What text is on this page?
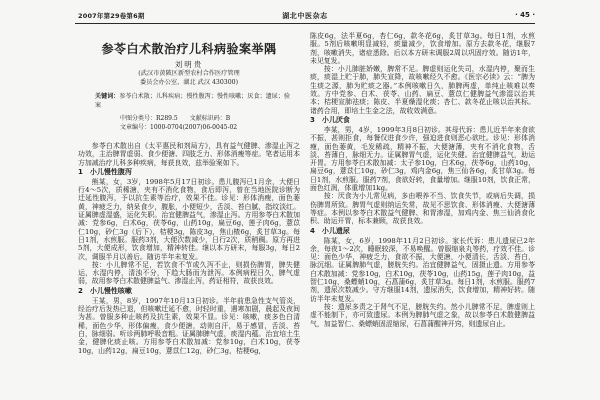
2007年第29卷第6期	湖北中医杂志	· 45 ·
参苓白术散治疗儿科病验案举隅
刘明贵
(武汉市黄陂区新型农村合作医疗管理
委员会办公室，湖北 武汉 430300)
关键词：参苓白术散；儿科疾病；慢性腹泻；慢性咳嗽；厌食；遗尿；验案
中图分类号：R289.5 文献标识码：B
文章编号：1000-0704(2007)06-0045-02

参苓白术散出自《太平惠民和剂局方》，具有益气健脾、渗湿止泻之功效，主治脾胃虚弱、食少便溏、四肢乏力、形体消瘦等症。笔者运用本方加减治疗儿科多种疾病，每获良效，兹举验案如下。

1　小儿慢性腹泻

熊某，女，3岁，1998年5月17日初诊。患儿腹泻已1月余，大便日行4～5次，质稀溏，夹有不消化食物，食后即泻，曾在当地医院诊断为迁延性腹泻，予以抗生素等治疗，效果不佳。诊见：形体消瘦，面色萎黄，神疲乏力，纳呆食少，腹胀，小便短少，舌淡、苔白腻，指纹淡红。证属脾虚湿盛，运化失职。治宜健脾益气，渗湿止泻。方用参苓白术散加减：党参6g，白术6g，茯苓6g，山药10g，扁豆6g，莲子肉6g，薏苡仁10g，砂仁3g（后下），桔梗3g，陈皮3g，焦山楂6g，炙甘草3g。每日1剂，水煎服。服药3剂，大便次数减少，日行2次，质稍稠。原方再进5剂，大便成形，饮食增加，精神转佳。继以本方研末，每服3g，每日2次，调服半月以善后。随访半年未复发。

按：小儿脾常不足，若饮食不节或久泻不止，则损伤脾胃，脾失健运，水湿内停，清浊不分，下趋大肠而为泄泻。本例病程日久，脾气虚弱，故用参苓白术散健脾益气、渗湿止泻，药证相符，故获良效。

2　小儿慢性咳嗽

王某，男，8岁，1997年10月13日初诊。半年前患急性支气管炎，经治疗后发热已退，但咳嗽迁延不愈，时轻时重，遇寒加剧，晨起及夜间为甚。曾服多种止咳药及抗生素，效果不显。诊见：咳嗽，痰多色白清稀，面色少华，形体偏瘦，食少便溏，动则自汗，易于感冒，舌淡、苔白，脉细弱。听诊两肺呼吸音粗。证属肺脾气虚，痰湿内蕴。治宜培土生金，健脾化痰止咳。方用参苓白术散加减：党参10g，白术10g，茯苓10g，山药12g，扁豆10g，薏苡仁12g，砂仁3g，桔梗6g，

陈皮6g，法半夏6g，杏仁6g，款冬花6g，炙甘草3g。每日1剂，水煎服。5剂后咳嗽明显减轻，痰量减少，饮食增加。原方去款冬花，继服7剂，咳嗽消失，诸症悉除。后以本方研末调服2周以巩固疗效。随访1年，未见复发。

按：小儿肺脏娇嫩，脾常不足。脾虚则运化失司，水湿内停，聚而生痰，痰湿上贮于肺，肺失宣降，故咳嗽经久不愈。《医宗必读》云：“脾为生痰之源，肺为贮痰之器。”本例咳嗽日久，肺脾两虚，单纯止咳难以奏效。方中党参、白术、茯苓、山药、扁豆、薏苡仁健脾益气渗湿以治其本；桔梗宣肺祛痰；陈皮、半夏燥湿化痰；杏仁、款冬花止咳以治其标。诸药合用，即培土生金之法，故收效满意。

3　小儿厌食

李某，男，4岁，1999年3月8日初诊。其母代诉：患儿近半年来食欲不振，甚则拒食，每餐仅进食少许，强迫进食则恶心欲吐。诊见：形体消瘦，面色萎黄，毛发稀疏，精神不振，大便溏薄，夹有不消化食物，舌淡、苔薄白，脉细无力。证属脾胃气虚，运化失健。治宜健脾益气，助运开胃。方用参苓白术散加减：太子参10g，白术6g，茯苓6g，山药10g，扁豆6g，薏苡仁10g，砂仁3g，鸡内金6g，焦三仙各6g，炙甘草3g。每日1剂，水煎服。服药7剂，食欲好转，食量增加。继服10剂，饮食正常，面色红润，体重增加1kg。

按：厌食为小儿常见病，多由喂养不当、饮食失节，或病后失调，损伤脾胃所致。脾胃气虚则纳运失常，故见不思饮食、形体消瘦、大便溏薄等症。本例以参苓白术散益气健脾、和胃渗湿，加鸡内金、焦三仙消食化积、助运开胃，标本兼顾，故获良效。

4　小儿遗尿

陈某，女，6岁，1998年11月2日初诊。家长代诉：患儿遗尿已2年余，每夜1～2次，睡眠较深，不易唤醒。曾服缩泉丸等药，疗效不佳。诊见：面色少华，神疲乏力，食欲不振，大便溏，小便清长，舌淡、苔白，脉沉细。证属脾肺气虚，膀胱失约。治宜健脾益气，固摄止遗。方用参苓白术散加减：党参10g，白术10g，茯苓10g，山药15g，莲子肉10g，益智仁10g，桑螵蛸10g，石菖蒲6g，炙甘草3g。每日1剂，水煎服。服药7剂，遗尿次数减少。守方继服14剂，遗尿消失，饮食增加，精神好转。随访半年未复发。

按：遗尿多责之于肾气不足，膀胱失约。然小儿脾常不足，脾虚则上虚不能制下，亦可致遗尿。本例为脾肺气虚之象，故以参苓白术散健脾益气，加益智仁、桑螵蛸固涩缩尿，石菖蒲醒神开窍，则遗尿自止。
